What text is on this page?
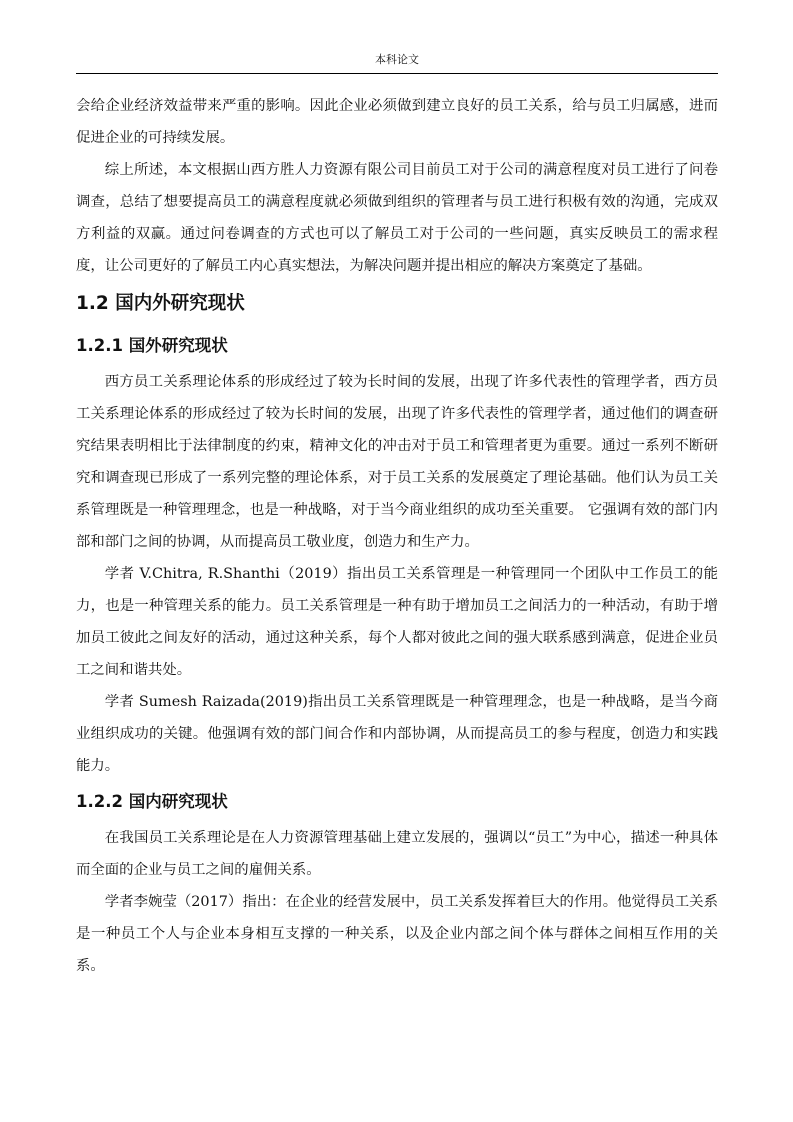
本科论文

会给企业经济效益带来严重的影响。因此企业必须做到建立良好的员工关系，给与员工归属感，进而促进企业的可持续发展。

综上所述，本文根据山西方胜人力资源有限公司目前员工对于公司的满意程度对员工进行了问卷调查，总结了想要提高员工的满意程度就必须做到组织的管理者与员工进行积极有效的沟通，完成双方利益的双赢。通过问卷调查的方式也可以了解员工对于公司的一些问题，真实反映员工的需求程度，让公司更好的了解员工内心真实想法，为解决问题并提出相应的解决方案奠定了基础。

1.2 国内外研究现状
1.2.1 国外研究现状

西方员工关系理论体系的形成经过了较为长时间的发展，出现了许多代表性的管理学者，西方员工关系理论体系的形成经过了较为长时间的发展，出现了许多代表性的管理学者，通过他们的调查研究结果表明相比于法律制度的约束，精神文化的冲击对于员工和管理者更为重要。通过一系列不断研究和调查现已形成了一系列完整的理论体系，对于员工关系的发展奠定了理论基础。他们认为员工关系管理既是一种管理理念，也是一种战略，对于当今商业组织的成功至关重要。 它强调有效的部门内部和部门之间的协调，从而提高员工敬业度，创造力和生产力。

学者 V.Chitra, R.Shanthi（2019）指出员工关系管理是一种管理同一个团队中工作员工的能力，也是一种管理关系的能力。员工关系管理是一种有助于增加员工之间活力的一种活动，有助于增加员工彼此之间友好的活动，通过这种关系，每个人都对彼此之间的强大联系感到满意，促进企业员工之间和谐共处。

学者 Sumesh Raizada(2019)指出员工关系管理既是一种管理理念，也是一种战略，是当今商业组织成功的关键。他强调有效的部门间合作和内部协调，从而提高员工的参与程度，创造力和实践能力。

1.2.2 国内研究现状

在我国员工关系理论是在人力资源管理基础上建立发展的，强调以“员工”为中心，描述一种具体而全面的企业与员工之间的雇佣关系。

学者李婉莹（2017）指出：在企业的经营发展中，员工关系发挥着巨大的作用。他觉得员工关系是一种员工个人与企业本身相互支撑的一种关系，以及企业内部之间个体与群体之间相互作用的关系。
